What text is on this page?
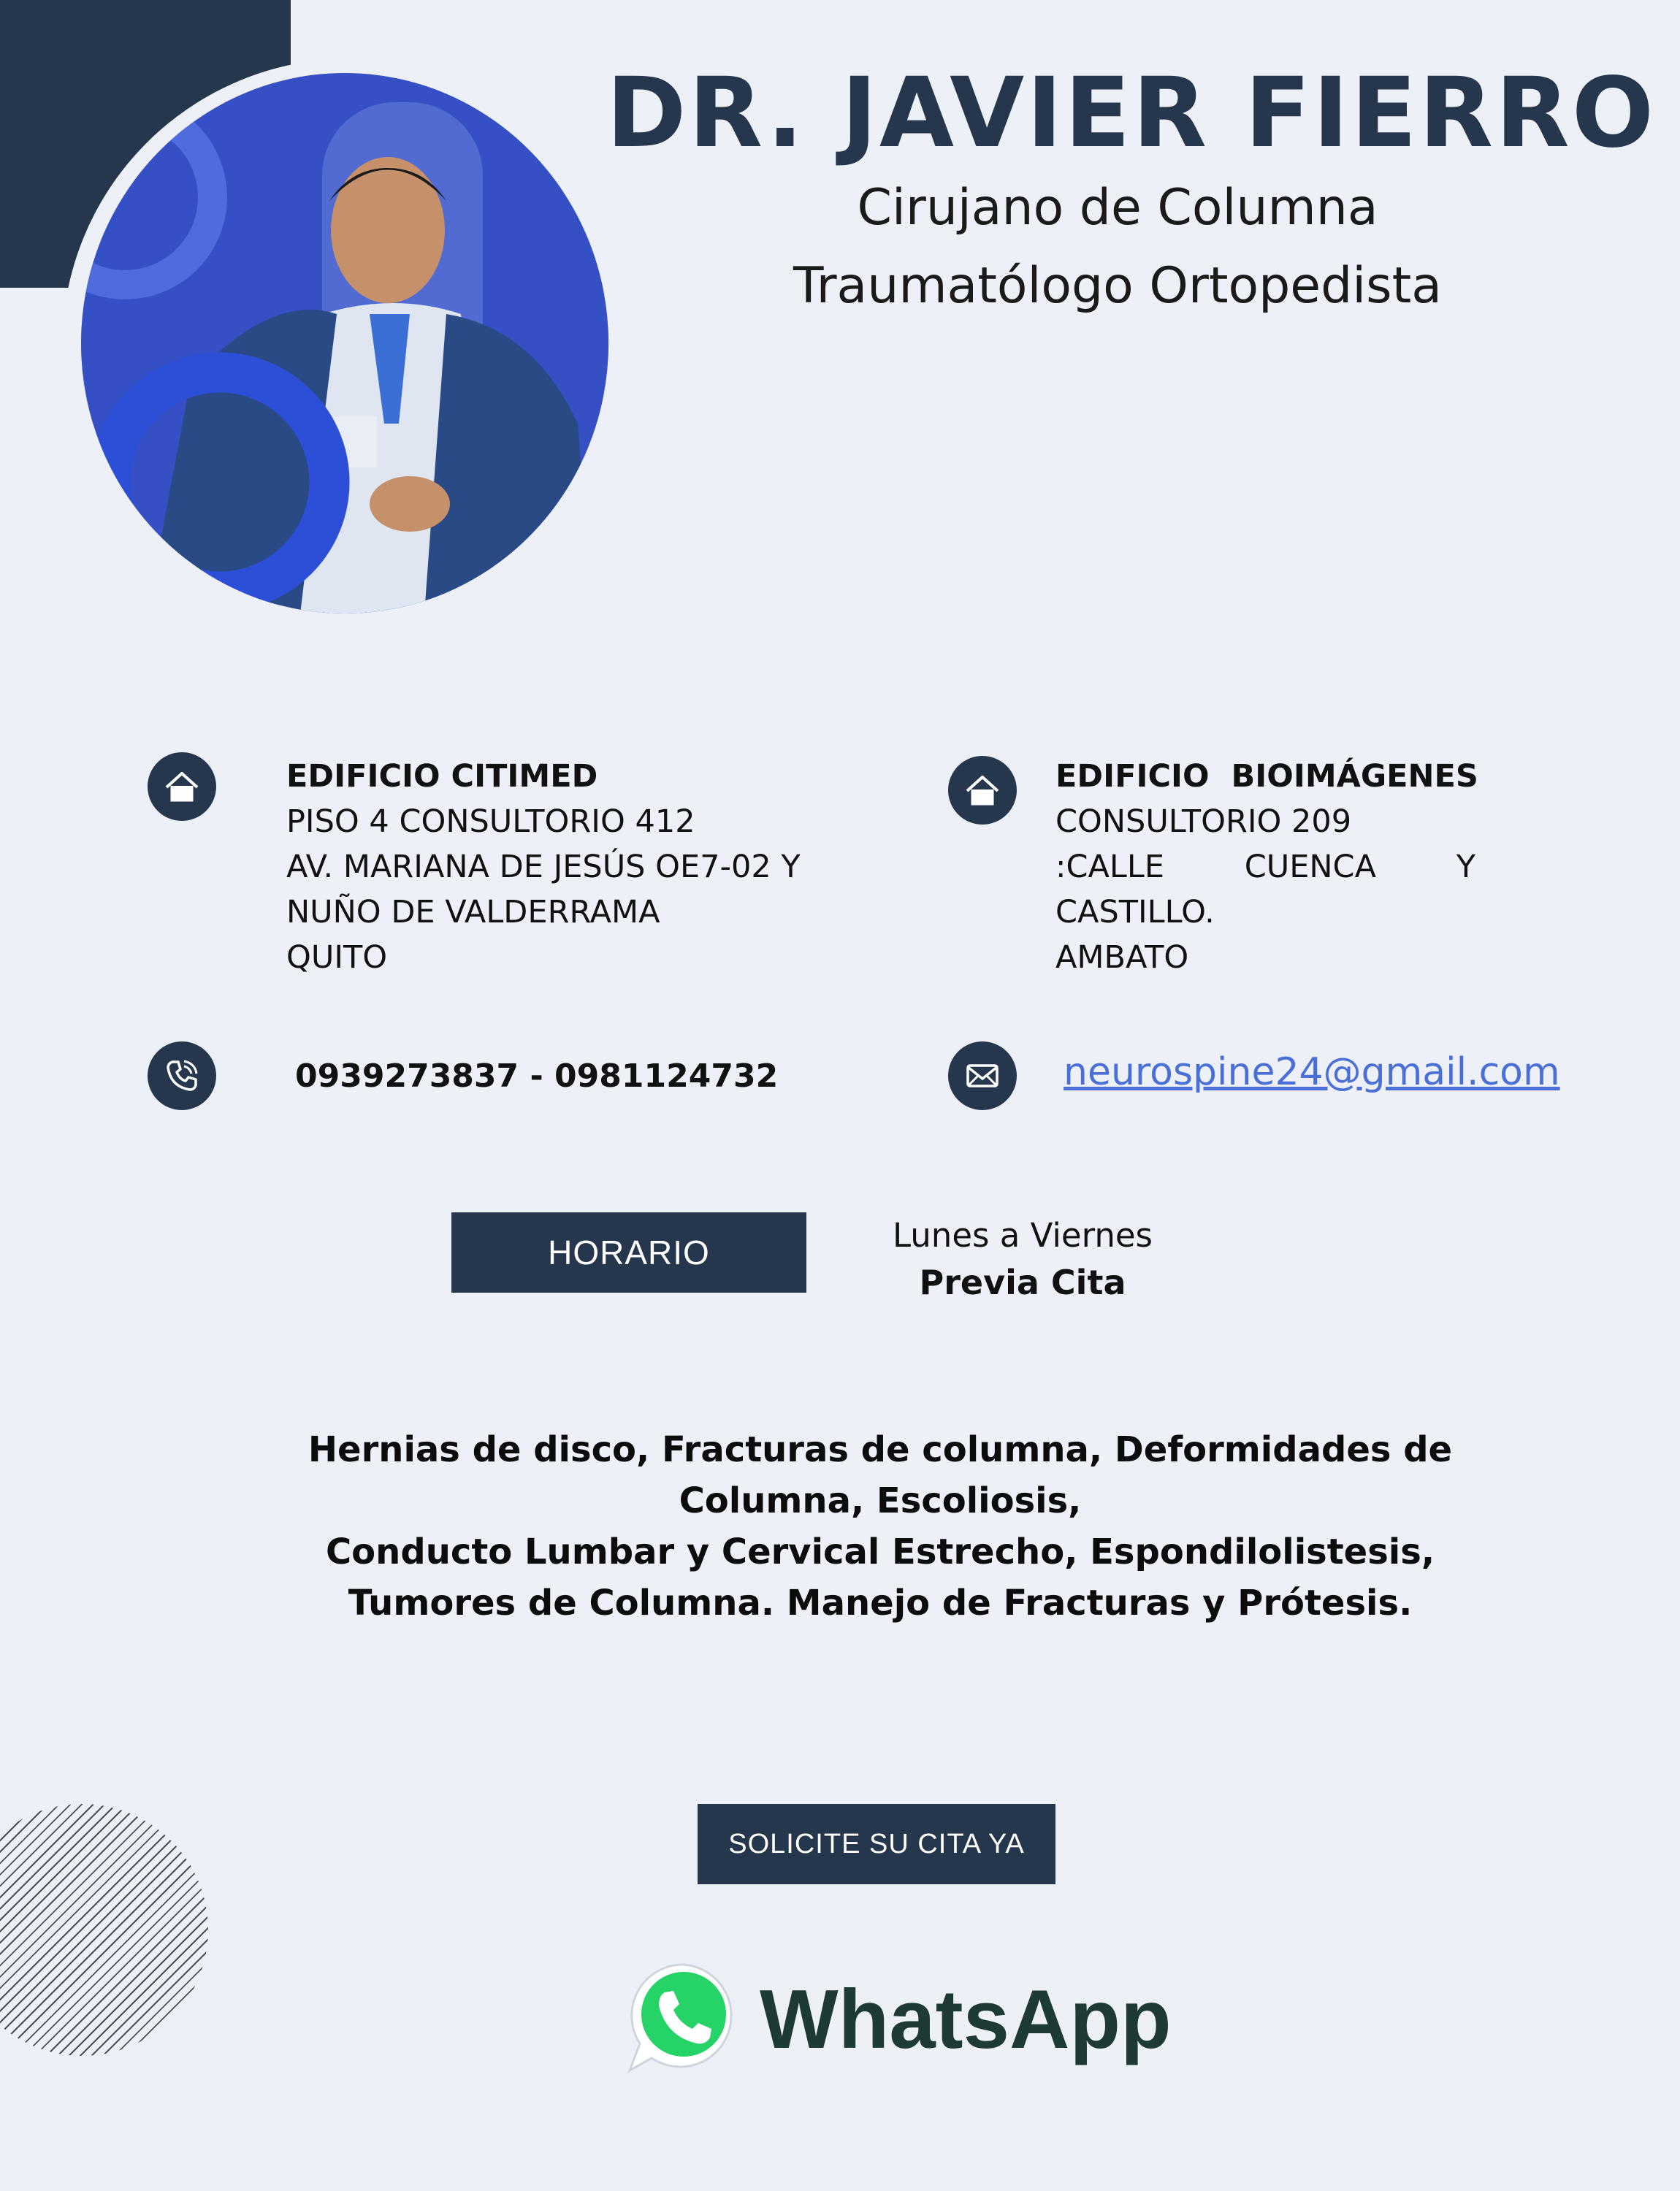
DR. JAVIER FIERRO
Cirujano de Columna
Traumatólogo Ortopedista
EDIFICIO CITIMED
PISO 4 CONSULTORIO 412
AV. MARIANA DE JESÚS OE7-02 Y
NUÑO DE VALDERRAMA
QUITO
EDIFICIO  BIOIMÁGENES
CONSULTORIO 209
:CALLE	CUENCA	Y
CASTILLO.
AMBATO
0939273837 - 0981124732	neurospine24@gmail.com
HORARIO	Lunes a Viernes
Previa Cita
Hernias de disco, Fracturas de columna, Deformidades de
Columna, Escoliosis,
Conducto Lumbar y Cervical Estrecho, Espondilolistesis,
Tumores de Columna. Manejo de Fracturas y Prótesis.
SOLICITE SU CITA YA
WhatsApp
